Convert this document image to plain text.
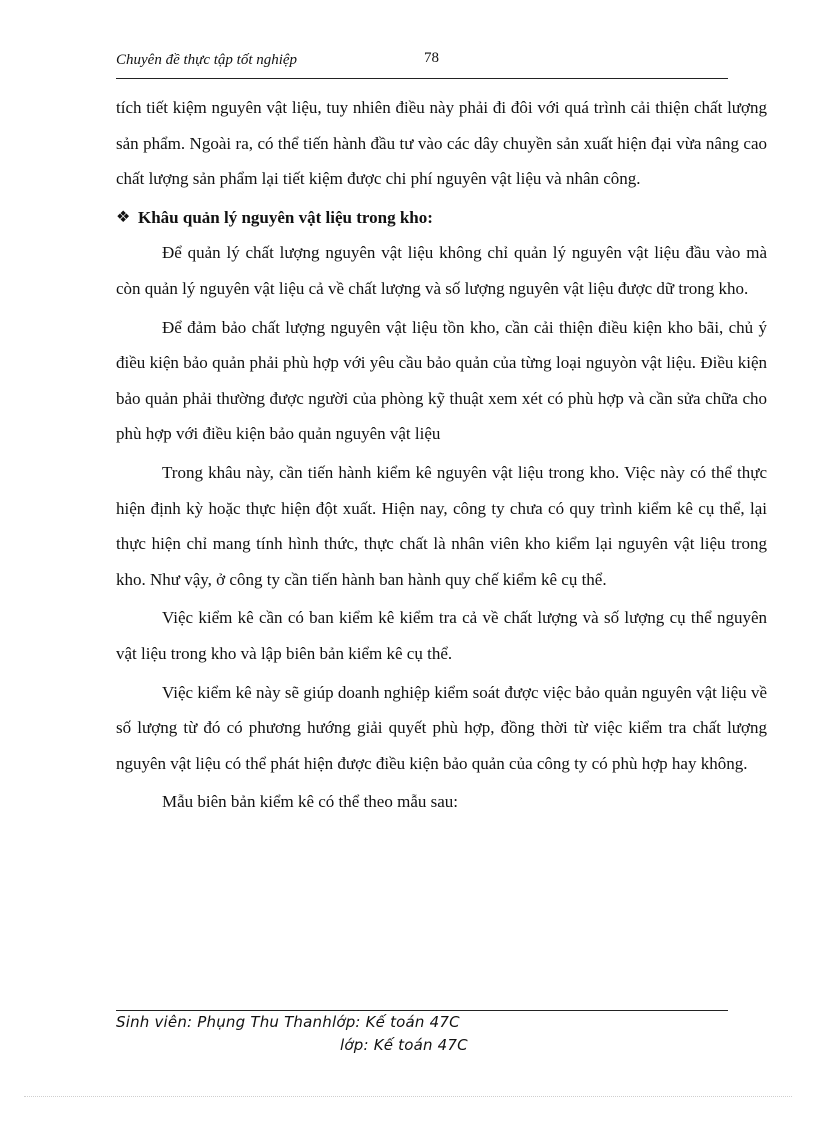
Chuyên đề thực tập tốt nghiệp	78

tích tiết kiệm nguyên vật liệu, tuy nhiên điều này phải đi đôi với quá trình cải thiện chất lượng sản phẩm. Ngoài ra, có thể tiến hành đầu tư vào các dây chuyền sản xuất hiện đại vừa nâng cao chất lượng sản phẩm lại tiết kiệm được chi phí nguyên vật liệu và nhân công.

❖ Khâu quản lý nguyên vật liệu trong kho:

Để quản lý chất lượng nguyên vật liệu không chỉ quản lý nguyên vật liệu đầu vào mà còn quản lý nguyên vật liệu cả về chất lượng và số lượng nguyên vật liệu được dữ trong kho.

Để đảm bảo chất lượng nguyên vật liệu tồn kho, cần cải thiện điều kiện kho bãi, chủ ý điều kiện bảo quản phải phù hợp với yêu cầu bảo quản của từng loại nguyòn vật liệu. Điều kiện bảo quản phải thường được người của phòng kỹ thuật xem xét có phù hợp và cần sửa chữa cho phù hợp với điều kiện bảo quản nguyên vật liệu

Trong khâu này, cần tiến hành kiểm kê nguyên vật liệu trong kho. Việc này có thể thực hiện định kỳ hoặc thực hiện đột xuất. Hiện nay, công ty chưa có quy trình kiểm kê cụ thể, lại thực hiện chỉ mang tính hình thức, thực chất là nhân viên kho kiểm lại nguyên vật liệu trong kho. Như vậy, ở công ty cần tiến hành ban hành quy chế kiểm kê cụ thể.

Việc kiểm kê cần có ban kiểm kê kiểm tra cả về chất lượng và số lượng cụ thể nguyên vật liệu trong kho và lập biên bản kiểm kê cụ thể.

Việc kiểm kê này sẽ giúp doanh nghiệp kiểm soát được việc bảo quản nguyên vật liệu về số lượng từ đó có phương hướng giải quyết phù hợp, đồng thời từ việc kiểm tra chất lượng nguyên vật liệu có thể phát hiện được điều kiện bảo quản của công ty có phù hợp hay không.

Mẫu biên bản kiểm kê có thể theo mẫu sau:

Sinh viên: Phụng Thu Thanhlớp: Kế toán 47C
lớp: Kế toán 47C
